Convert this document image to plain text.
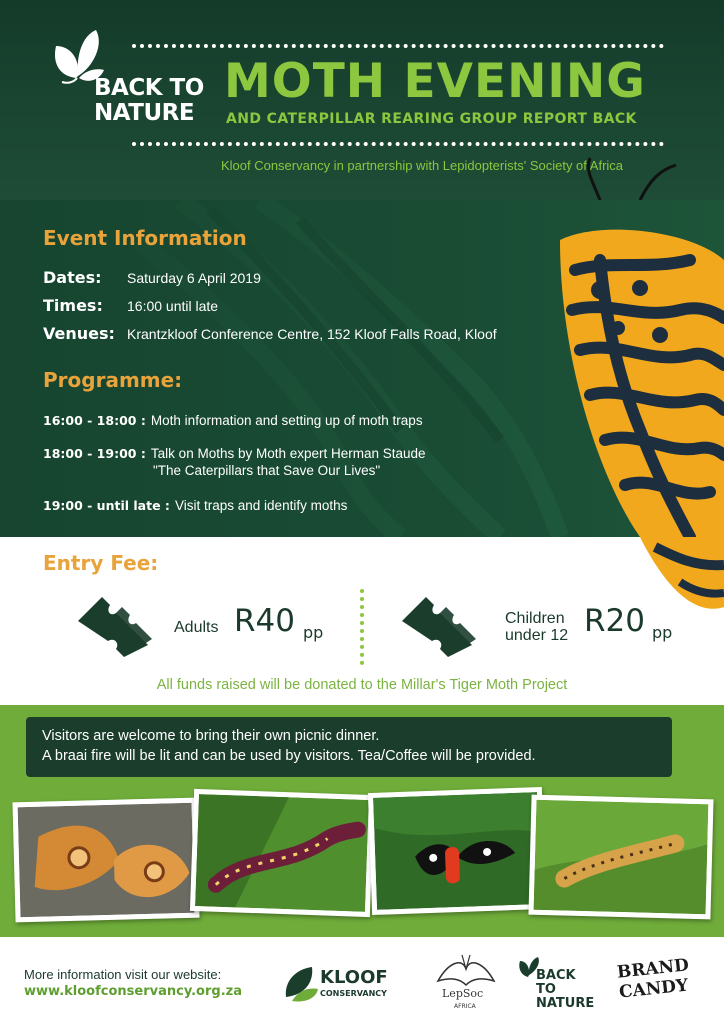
BACK TO
NATURE
MOTH EVENING
AND CATERPILLAR REARING GROUP REPORT BACK
Kloof Conservancy in partnership with Lepidopterists' Society of Africa
Event Information
Dates: Saturday 6 April 2019
Times: 16:00 until late
Venues: Krantzkloof Conference Centre, 152 Kloof Falls Road, Kloof
Programme:
16:00 - 18:00 : Moth information and setting up of moth traps
18:00 - 19:00 : Talk on Moths by Moth expert Herman Staude
"The Caterpillars that Save Our Lives"
19:00 - until late : Visit traps and identify moths
Entry Fee:
Adults R40 pp
Children
under 12 R20 pp
All funds raised will be donated to the Millar's Tiger Moth Project
Visitors are welcome to bring their own picnic dinner.
A braai fire will be lit and can be used by visitors. Tea/Coffee will be provided.
More information visit our website:
www.kloofconservancy.org.za
KLOOF
CONSERVANCY	LepSoc
AFRICA
BACK TO
NATURE
BRAND
CANDY
